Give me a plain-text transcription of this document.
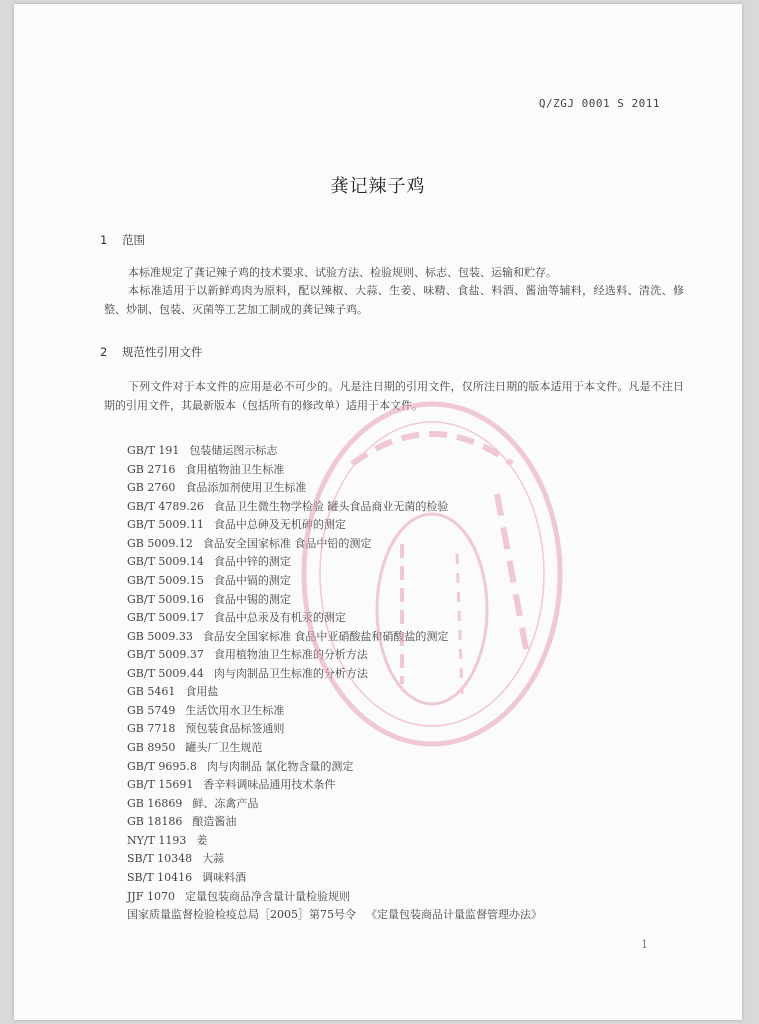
Q/ZGJ 0001 S 2011
龚记辣子鸡
1 范围

本标准规定了龚记辣子鸡的技术要求、试验方法、检验规则、标志、包装、运输和贮存。

本标准适用于以新鲜鸡肉为原料，配以辣椒、大蒜、生姜、味精、食盐、料酒、酱油等辅料，经选料、清洗、修整、炒制、包装、灭菌等工艺加工制成的龚记辣子鸡。

2 规范性引用文件

下列文件对于本文件的应用是必不可少的。凡是注日期的引用文件，仅所注日期的版本适用于本文件。凡是不注日期的引用文件，其最新版本（包括所有的修改单）适用于本文件。

GB/T 191 包装储运图示标志
GB 2716 食用植物油卫生标准
GB 2760 食品添加剂使用卫生标准
GB/T 4789.26 食品卫生微生物学检验 罐头食品商业无菌的检验
GB/T 5009.11 食品中总砷及无机砷的测定
GB 5009.12 食品安全国家标准 食品中铅的测定
GB/T 5009.14 食品中锌的测定
GB/T 5009.15 食品中镉的测定
GB/T 5009.16 食品中锡的测定
GB/T 5009.17 食品中总汞及有机汞的测定
GB 5009.33 食品安全国家标准 食品中亚硝酸盐和硝酸盐的测定
GB/T 5009.37 食用植物油卫生标准的分析方法
GB/T 5009.44 肉与肉制品卫生标准的分析方法
GB 5461 食用盐
GB 5749 生活饮用水卫生标准
GB 7718 预包装食品标签通则
GB 8950 罐头厂卫生规范
GB/T 9695.8 肉与肉制品 氯化物含量的测定
GB/T 15691 香辛料调味品通用技术条件
GB 16869 鲜、冻禽产品
GB 18186 酿造酱油
NY/T 1193 姜
SB/T 10348 大蒜
SB/T 10416 调味料酒
JJF 1070 定量包装商品净含量计量检验规则
国家质量监督检验检疫总局［2005］第75号令 《定量包装商品计量监督管理办法》
1
